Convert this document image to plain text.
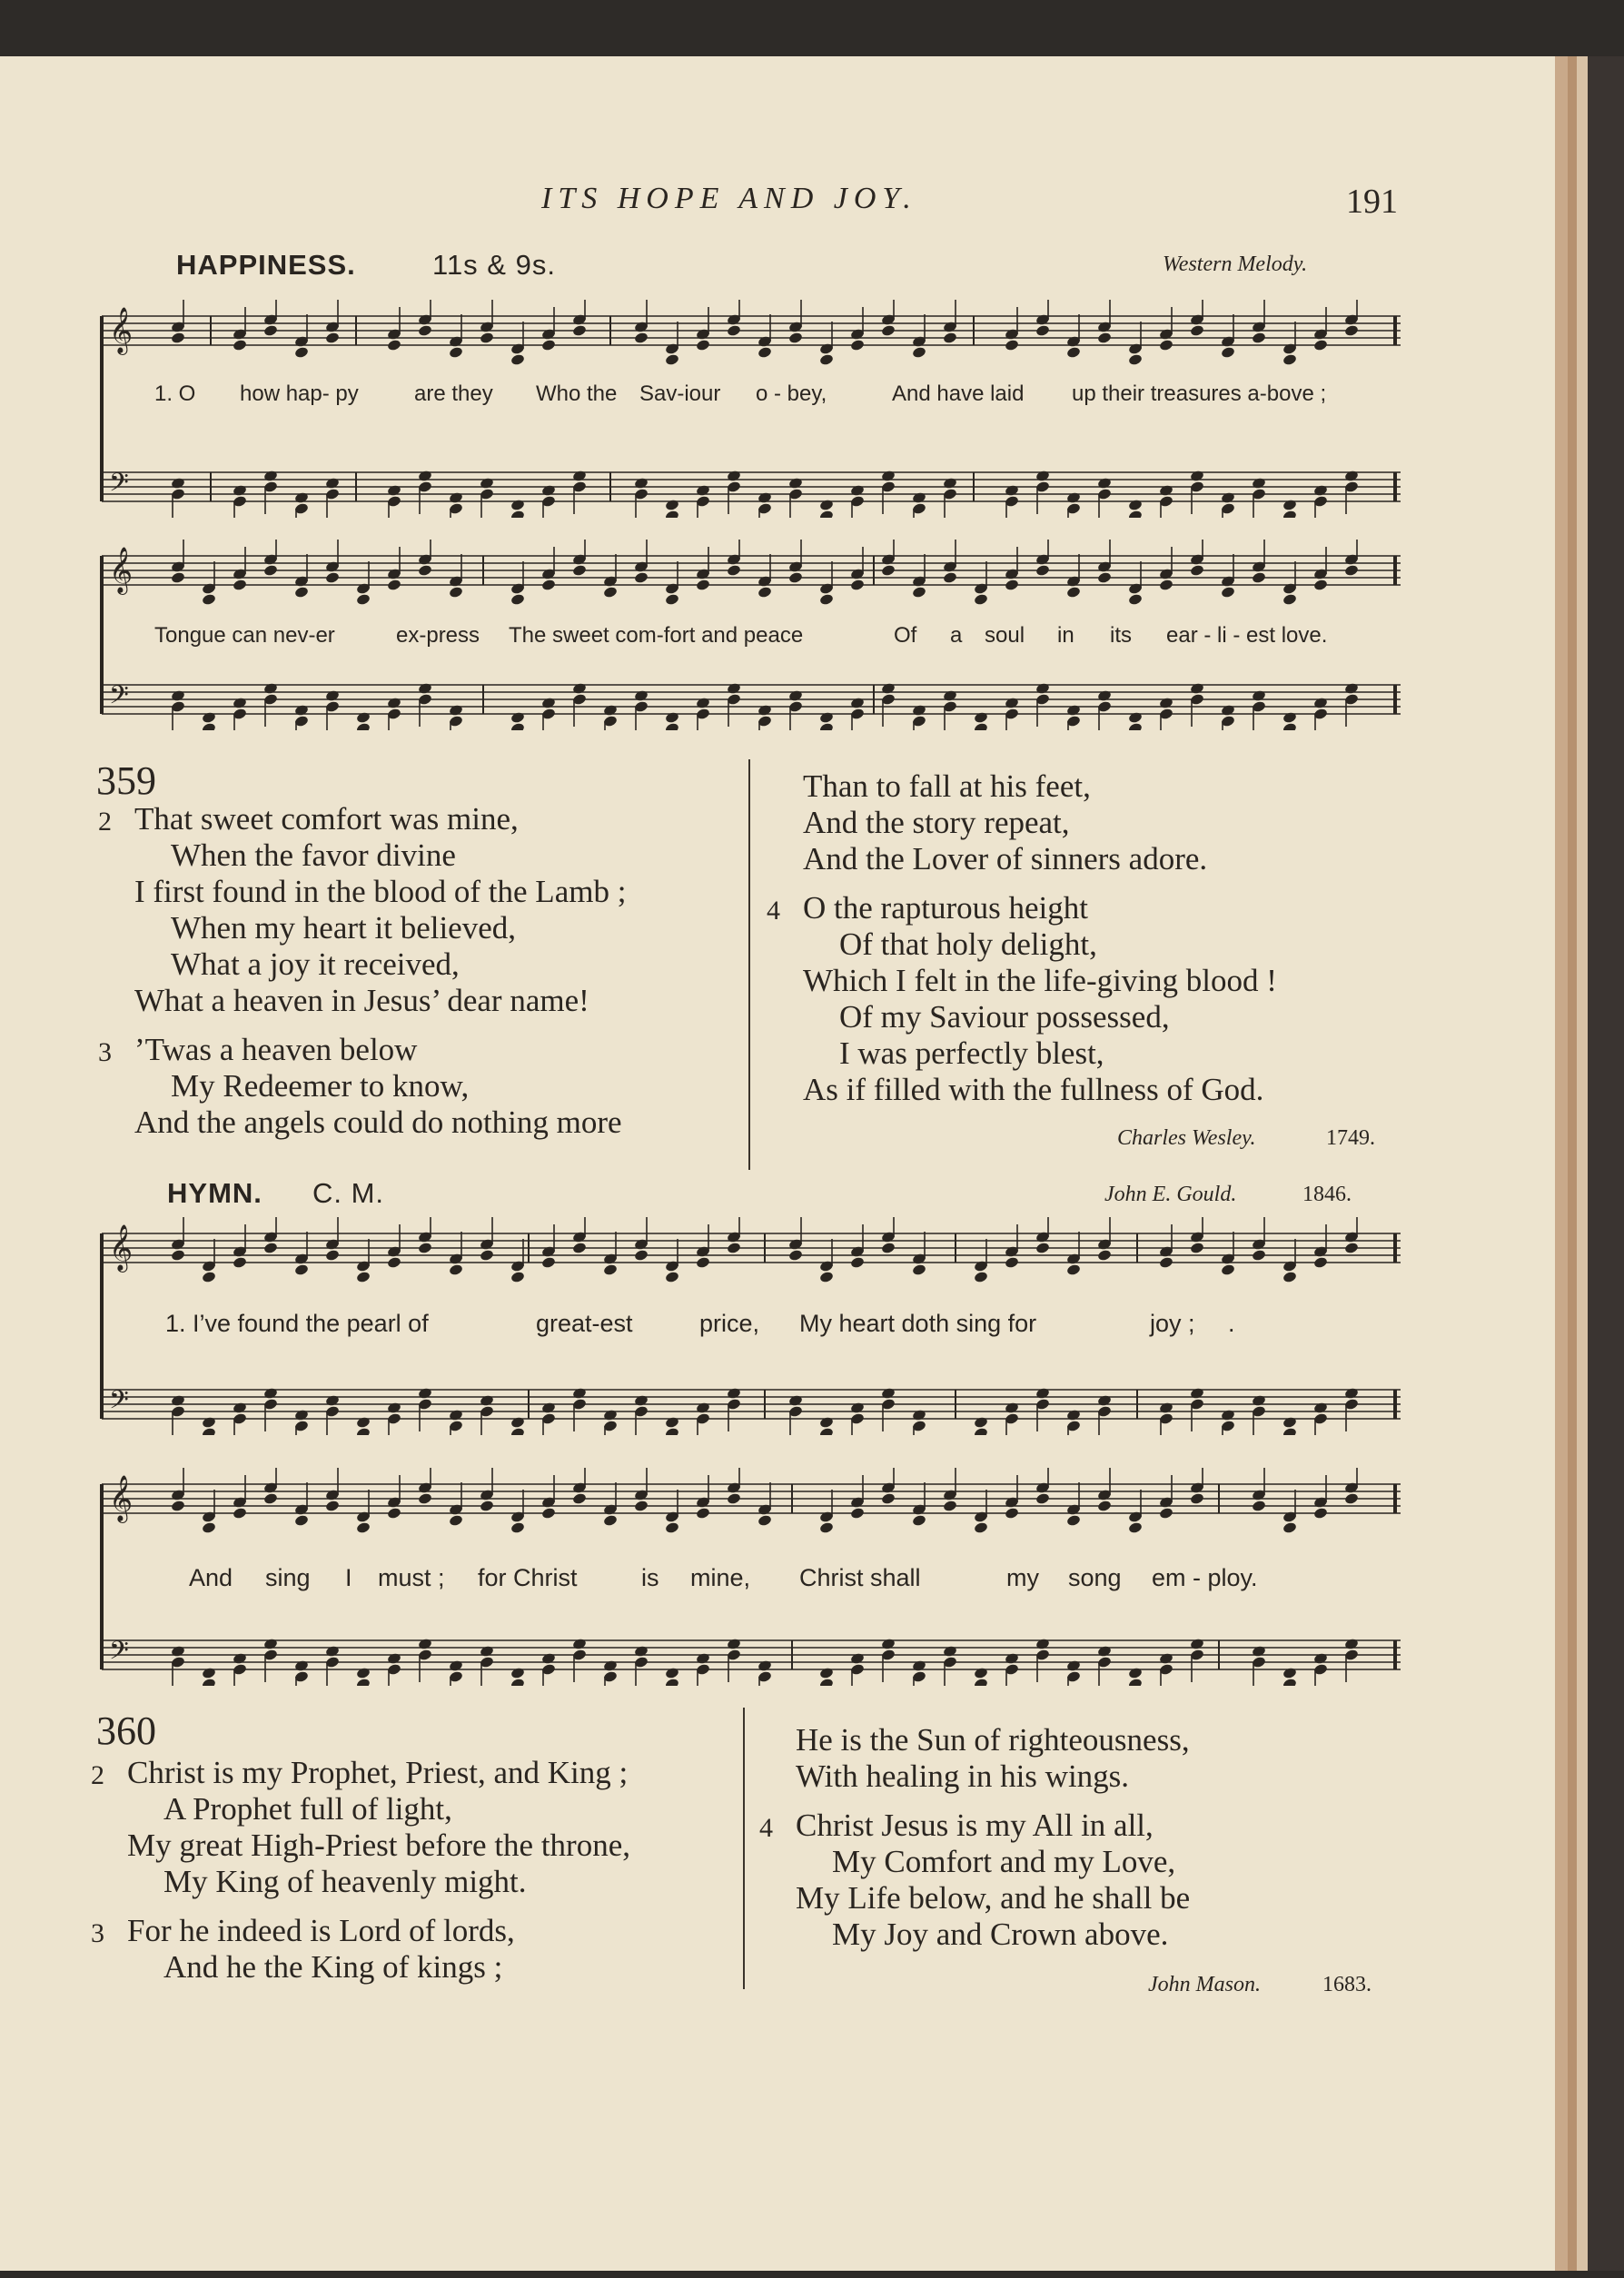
ITS HOPE AND JOY.	191
HAPPINESS.	11s & 9s.	Western Melody.
𝄞
𝄢
1. O how hap- py	are they Who the Sav-iour o - bey,	And have laid up their treasures a-bove ;
𝄞
𝄢
Tongue can nev-er	ex-press The sweet com-fort and peace	Of a soul in its ear - li - est love.
359
Charles Wesley.	1749.
HYMN. C. M.	John E. Gould.	1846.
𝄞
𝄢
1. I’ve found the pearl of	great-est	price, My heart doth sing for	joy ; .
𝄞
𝄢
And sing I must ; for Christ	is mine, Christ shall	my song em - ploy.
360
John Mason.	1683.
That sweet comfort was mine,
2
When the favor divine
I first found in the blood of the Lamb ;
When my heart it believed,
What a joy it received,
What a heaven in Jesus’ dear name!
’Twas a heaven below
3
My Redeemer to know,
And the angels could do nothing more
Than to fall at his feet,
And the story repeat,
And the Lover of sinners adore.
O the rapturous height
4
Of that holy delight,
Which I felt in the life-giving blood !
Of my Saviour possessed,
I was perfectly blest,
As if filled with the fullness of God.
Christ is my Prophet, Priest, and King ;
2
A Prophet full of light,
My great High-Priest before the throne,
My King of heavenly might.
For he indeed is Lord of lords,
3
And he the King of kings ;
He is the Sun of righteousness,
With healing in his wings.
Christ Jesus is my All in all,
4
My Comfort and my Love,
My Life below, and he shall be
My Joy and Crown above.
